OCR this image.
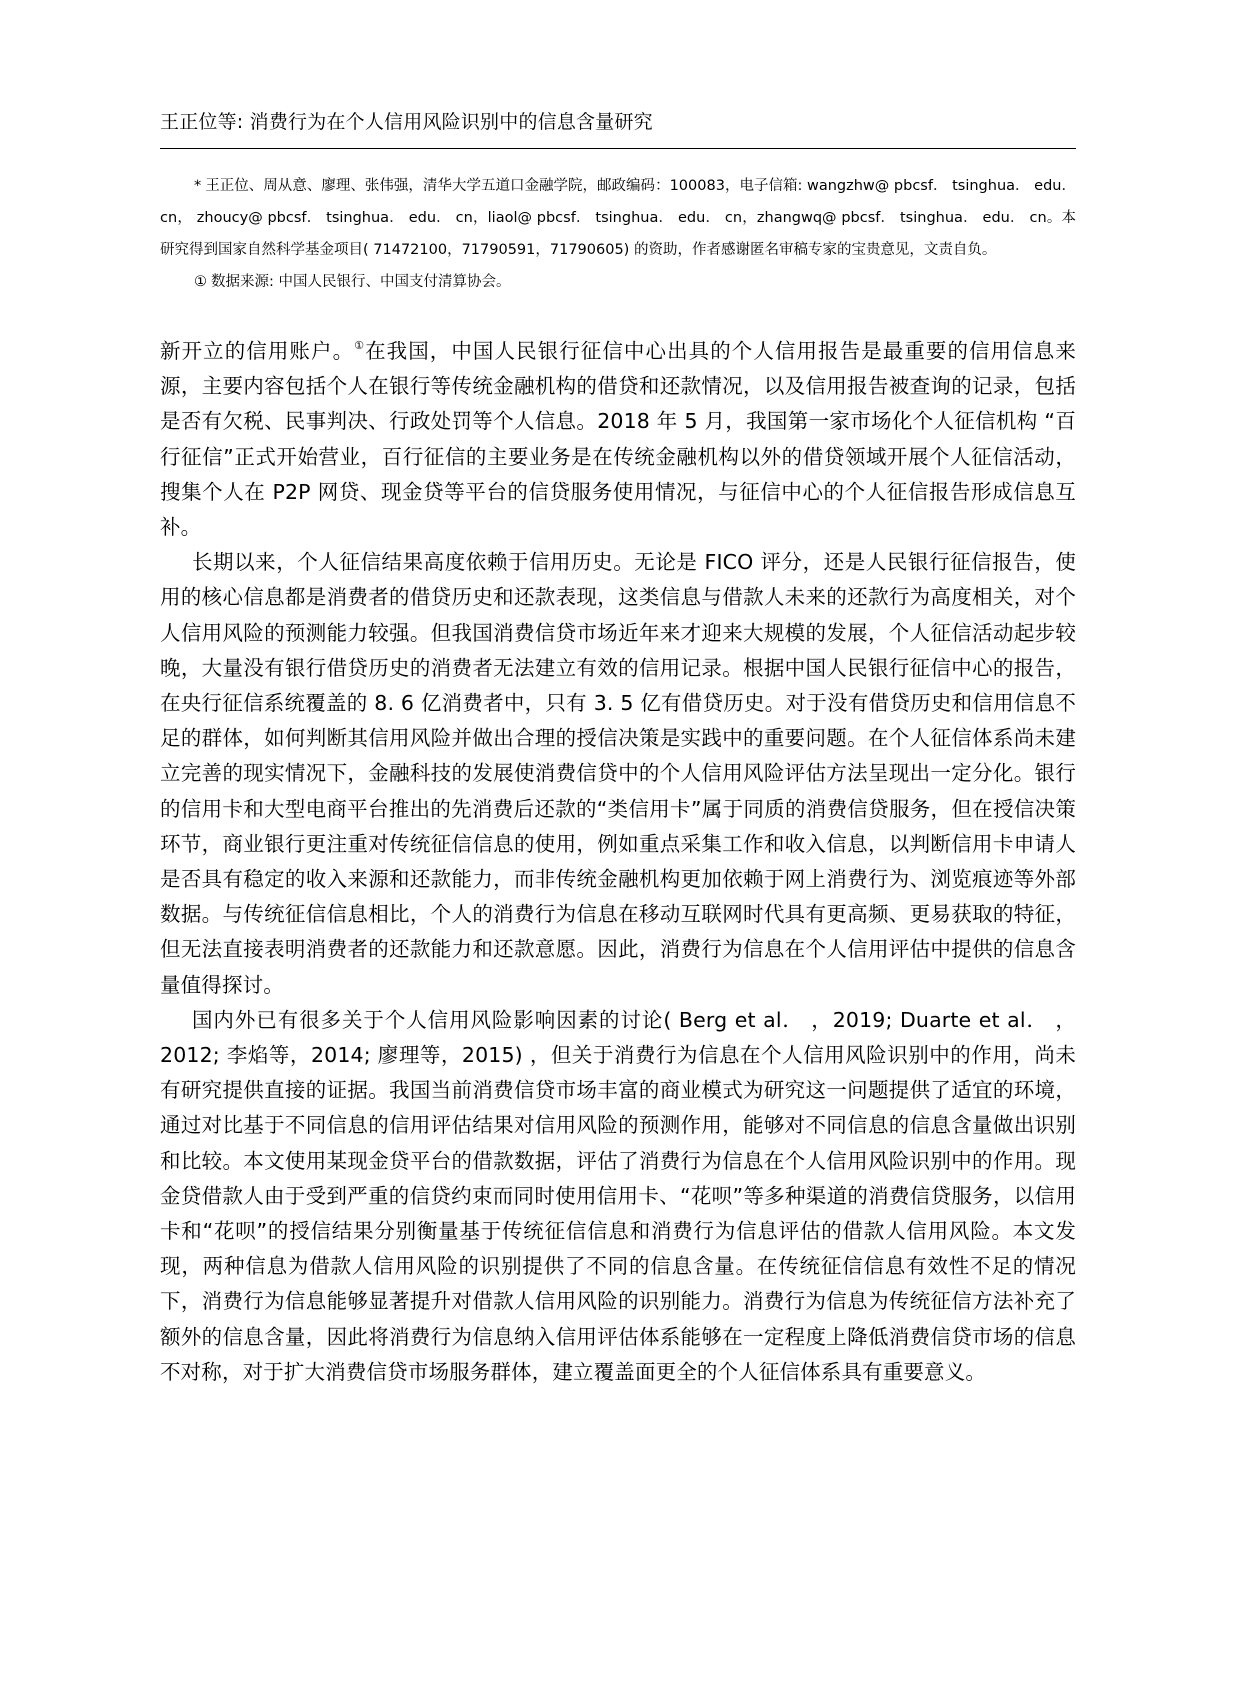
王正位等: 消费行为在个人信用风险识别中的信息含量研究

* 王正位、周从意、廖理、张伟强，清华大学五道口金融学院，邮政编码：100083，电子信箱: wangzhw@ pbcsf． tsinghua． edu． cn， zhoucy@ pbcsf． tsinghua． edu． cn，liaol@ pbcsf． tsinghua． edu． cn，zhangwq@ pbcsf． tsinghua． edu． cn。本研究得到国家自然科学基金项目( 71472100，71790591，71790605) 的资助，作者感谢匿名审稿专家的宝贵意见，文责自负。

① 数据来源: 中国人民银行、中国支付清算协会。

新开立的信用账户。①在我国，中国人民银行征信中心出具的个人信用报告是最重要的信用信息来源，主要内容包括个人在银行等传统金融机构的借贷和还款情况，以及信用报告被查询的记录，包括是否有欠税、民事判决、行政处罚等个人信息。2018 年 5 月，我国第一家市场化个人征信机构 “百行征信”正式开始营业，百行征信的主要业务是在传统金融机构以外的借贷领域开展个人征信活动，搜集个人在 P2P 网贷、现金贷等平台的信贷服务使用情况，与征信中心的个人征信报告形成信息互补。

长期以来，个人征信结果高度依赖于信用历史。无论是 FICO 评分，还是人民银行征信报告，使用的核心信息都是消费者的借贷历史和还款表现，这类信息与借款人未来的还款行为高度相关，对个人信用风险的预测能力较强。但我国消费信贷市场近年来才迎来大规模的发展，个人征信活动起步较晚，大量没有银行借贷历史的消费者无法建立有效的信用记录。根据中国人民银行征信中心的报告，在央行征信系统覆盖的 8. 6 亿消费者中，只有 3. 5 亿有借贷历史。对于没有借贷历史和信用信息不足的群体，如何判断其信用风险并做出合理的授信决策是实践中的重要问题。在个人征信体系尚未建立完善的现实情况下，金融科技的发展使消费信贷中的个人信用风险评估方法呈现出一定分化。银行的信用卡和大型电商平台推出的先消费后还款的“类信用卡”属于同质的消费信贷服务，但在授信决策环节，商业银行更注重对传统征信信息的使用，例如重点采集工作和收入信息，以判断信用卡申请人是否具有稳定的收入来源和还款能力，而非传统金融机构更加依赖于网上消费行为、浏览痕迹等外部数据。与传统征信信息相比，个人的消费行为信息在移动互联网时代具有更高频、更易获取的特征，但无法直接表明消费者的还款能力和还款意愿。因此，消费行为信息在个人信用评估中提供的信息含量值得探讨。

国内外已有很多关于个人信用风险影响因素的讨论( Berg et al． ，2019; Duarte et al． ，2012; 李焰等，2014; 廖理等，2015) ，但关于消费行为信息在个人信用风险识别中的作用，尚未有研究提供直接的证据。我国当前消费信贷市场丰富的商业模式为研究这一问题提供了适宜的环境，通过对比基于不同信息的信用评估结果对信用风险的预测作用，能够对不同信息的信息含量做出识别和比较。本文使用某现金贷平台的借款数据，评估了消费行为信息在个人信用风险识别中的作用。现金贷借款人由于受到严重的信贷约束而同时使用信用卡、“花呗”等多种渠道的消费信贷服务，以信用卡和“花呗”的授信结果分别衡量基于传统征信信息和消费行为信息评估的借款人信用风险。本文发现，两种信息为借款人信用风险的识别提供了不同的信息含量。在传统征信信息有效性不足的情况下，消费行为信息能够显著提升对借款人信用风险的识别能力。消费行为信息为传统征信方法补充了额外的信息含量，因此将消费行为信息纳入信用评估体系能够在一定程度上降低消费信贷市场的信息不对称，对于扩大消费信贷市场服务群体，建立覆盖面更全的个人征信体系具有重要意义。
